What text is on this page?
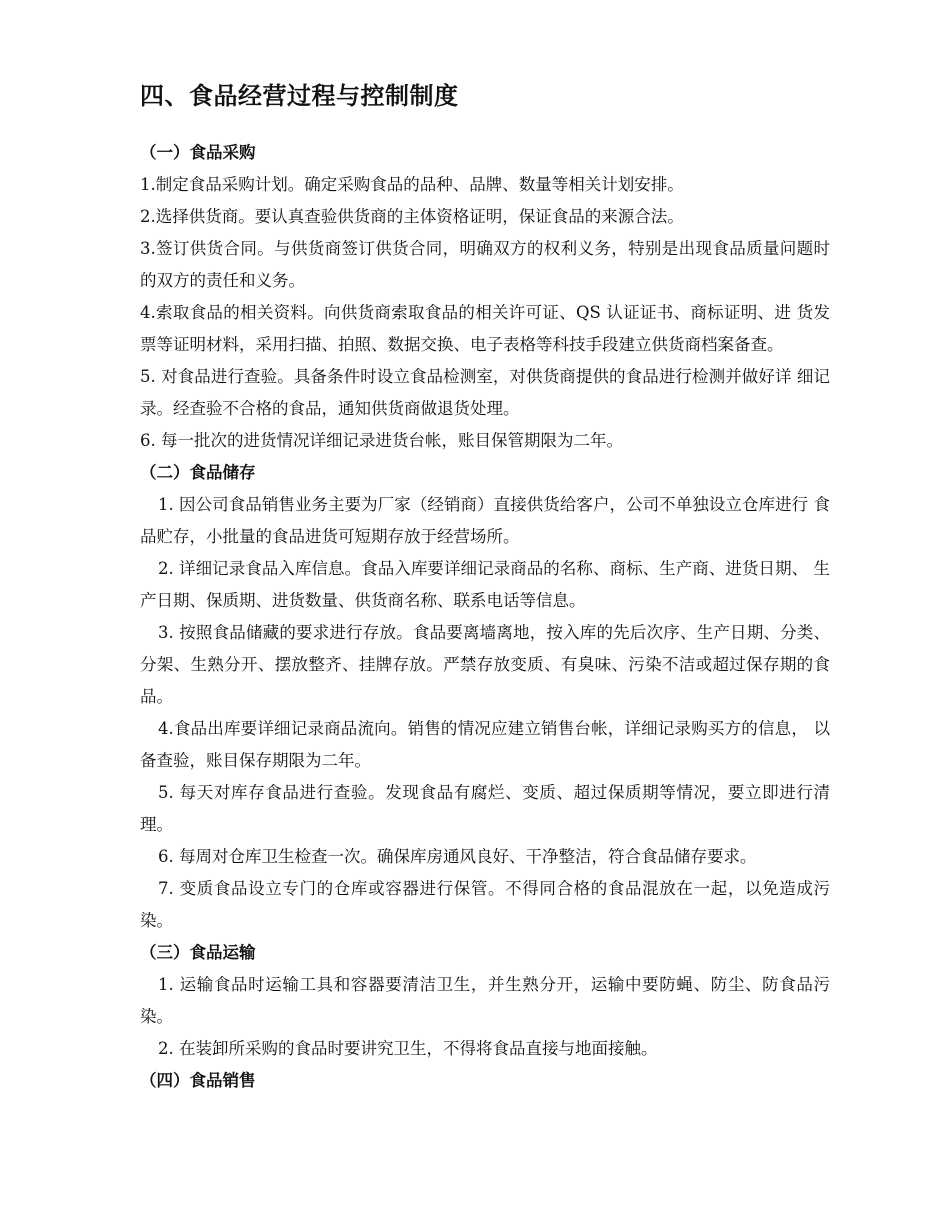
四、食品经营过程与控制制度
（一）食品采购

1.制定食品采购计划。确定采购食品的品种、品牌、数量等相关计划安排。

2.选择供货商。要认真查验供货商的主体资格证明，保证食品的来源合法。

3.签订供货合同。与供货商签订供货合同，明确双方的权利义务，特别是出现食品质量问题时的双方的责任和义务。

4.索取食品的相关资料。向供货商索取食品的相关许可证、QS 认证证书、商标证明、进 货发票等证明材料，采用扫描、拍照、数据交换、电子表格等科技手段建立供货商档案备查。

5. 对食品进行查验。具备条件时设立食品检测室，对供货商提供的食品进行检测并做好详 细记录。经查验不合格的食品，通知供货商做退货处理。

6. 每一批次的进货情况详细记录进货台帐，账目保管期限为二年。

（二）食品储存

1. 因公司食品销售业务主要为厂家（经销商）直接供货给客户，公司不单独设立仓库进行 食品贮存，小批量的食品进货可短期存放于经营场所。

2. 详细记录食品入库信息。食品入库要详细记录商品的名称、商标、生产商、进货日期、 生产日期、保质期、进货数量、供货商名称、联系电话等信息。

3. 按照食品储藏的要求进行存放。食品要离墙离地，按入库的先后次序、生产日期、分类、 分架、生熟分开、摆放整齐、挂牌存放。严禁存放变质、有臭味、污染不洁或超过保存期的食品。

4.食品出库要详细记录商品流向。销售的情况应建立销售台帐，详细记录购买方的信息， 以备查验，账目保存期限为二年。

5. 每天对库存食品进行查验。发现食品有腐烂、变质、超过保质期等情况，要立即进行清 理。

6. 每周对仓库卫生检查一次。确保库房通风良好、干净整洁，符合食品储存要求。

7. 变质食品设立专门的仓库或容器进行保管。不得同合格的食品混放在一起，以免造成污染。

（三）食品运输

1. 运输食品时运输工具和容器要清洁卫生，并生熟分开，运输中要防蝇、防尘、防食品污 染。

2. 在装卸所采购的食品时要讲究卫生，不得将食品直接与地面接触。

（四）食品销售
